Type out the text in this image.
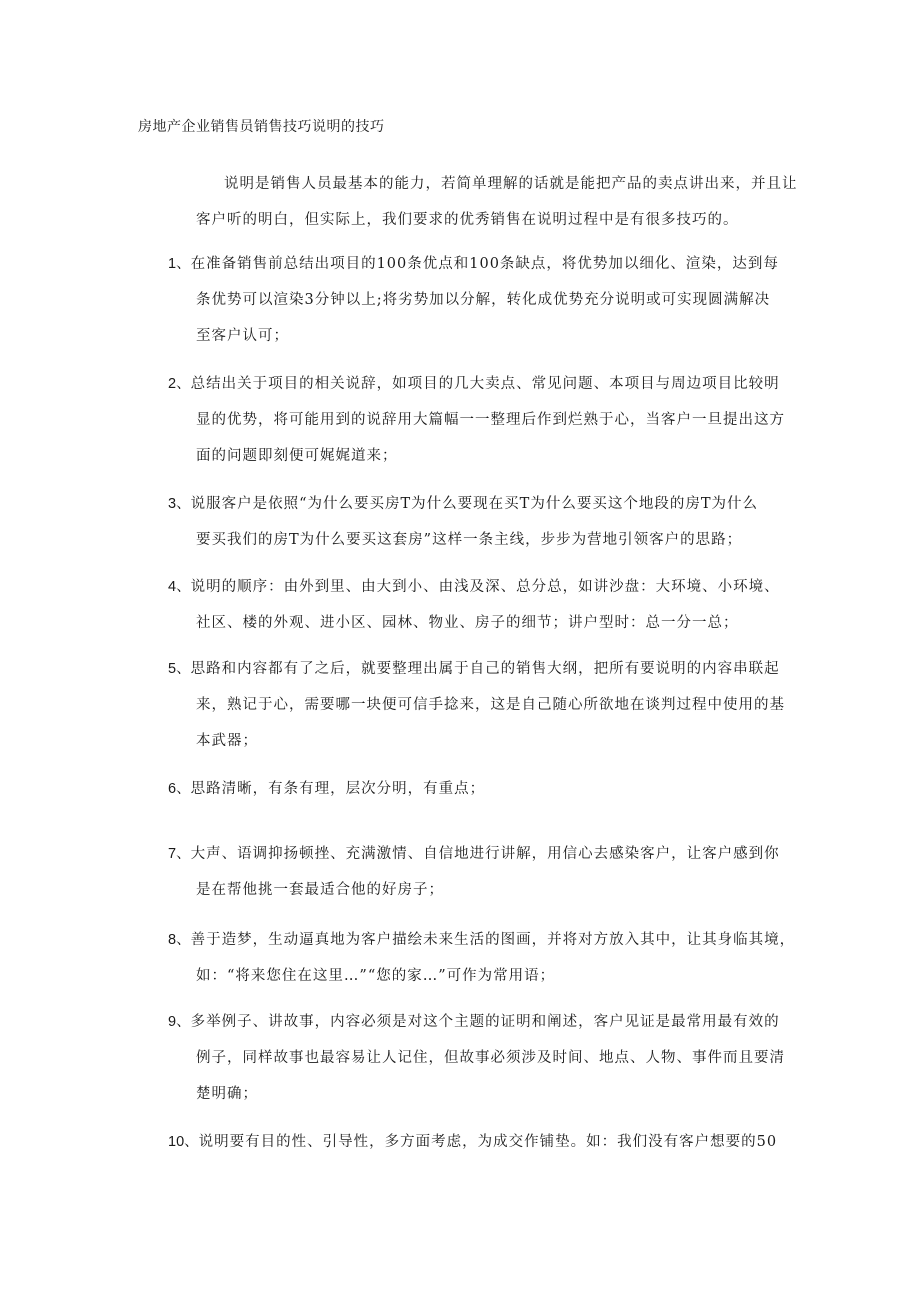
房地产企业销售员销售技巧说明的技巧
说明是销售人员最基本的能力，若简单理解的话就是能把产品的卖点讲出来，并且让
客户听的明白，但实际上，我们要求的优秀销售在说明过程中是有很多技巧的。
1、在准备销售前总结出项目的100条优点和100条缺点，将优势加以细化、渲染，达到每
条优势可以渲染3分钟以上;将劣势加以分解，转化成优势充分说明或可实现圆满解决
至客户认可；
2、总结出关于项目的相关说辞，如项目的几大卖点、常见问题、本项目与周边项目比较明
显的优势，将可能用到的说辞用大篇幅一一整理后作到烂熟于心，当客户一旦提出这方
面的问题即刻便可娓娓道来；
3、说服客户是依照“为什么要买房T为什么要现在买T为什么要买这个地段的房T为什么
要买我们的房T为什么要买这套房”这样一条主线，步步为营地引领客户的思路；
4、说明的顺序：由外到里、由大到小、由浅及深、总分总，如讲沙盘：大环境、小环境、
社区、楼的外观、进小区、园林、物业、房子的细节；讲户型时：总一分一总；
5、思路和内容都有了之后，就要整理出属于自己的销售大纲，把所有要说明的内容串联起
来，熟记于心，需要哪一块便可信手捻来，这是自己随心所欲地在谈判过程中使用的基
本武器；
6、思路清晰，有条有理，层次分明，有重点；
7、大声、语调抑扬顿挫、充满激情、自信地进行讲解，用信心去感染客户，让客户感到你
是在帮他挑一套最适合他的好房子；
8、善于造梦，生动逼真地为客户描绘未来生活的图画，并将对方放入其中，让其身临其境，
如：“将来您住在这里…”“您的家…”可作为常用语；
9、多举例子、讲故事，内容必须是对这个主题的证明和阐述，客户见证是最常用最有效的
例子，同样故事也最容易让人记住，但故事必须涉及时间、地点、人物、事件而且要清
楚明确；
10、说明要有目的性、引导性，多方面考虑，为成交作铺垫。如：我们没有客户想要的50
